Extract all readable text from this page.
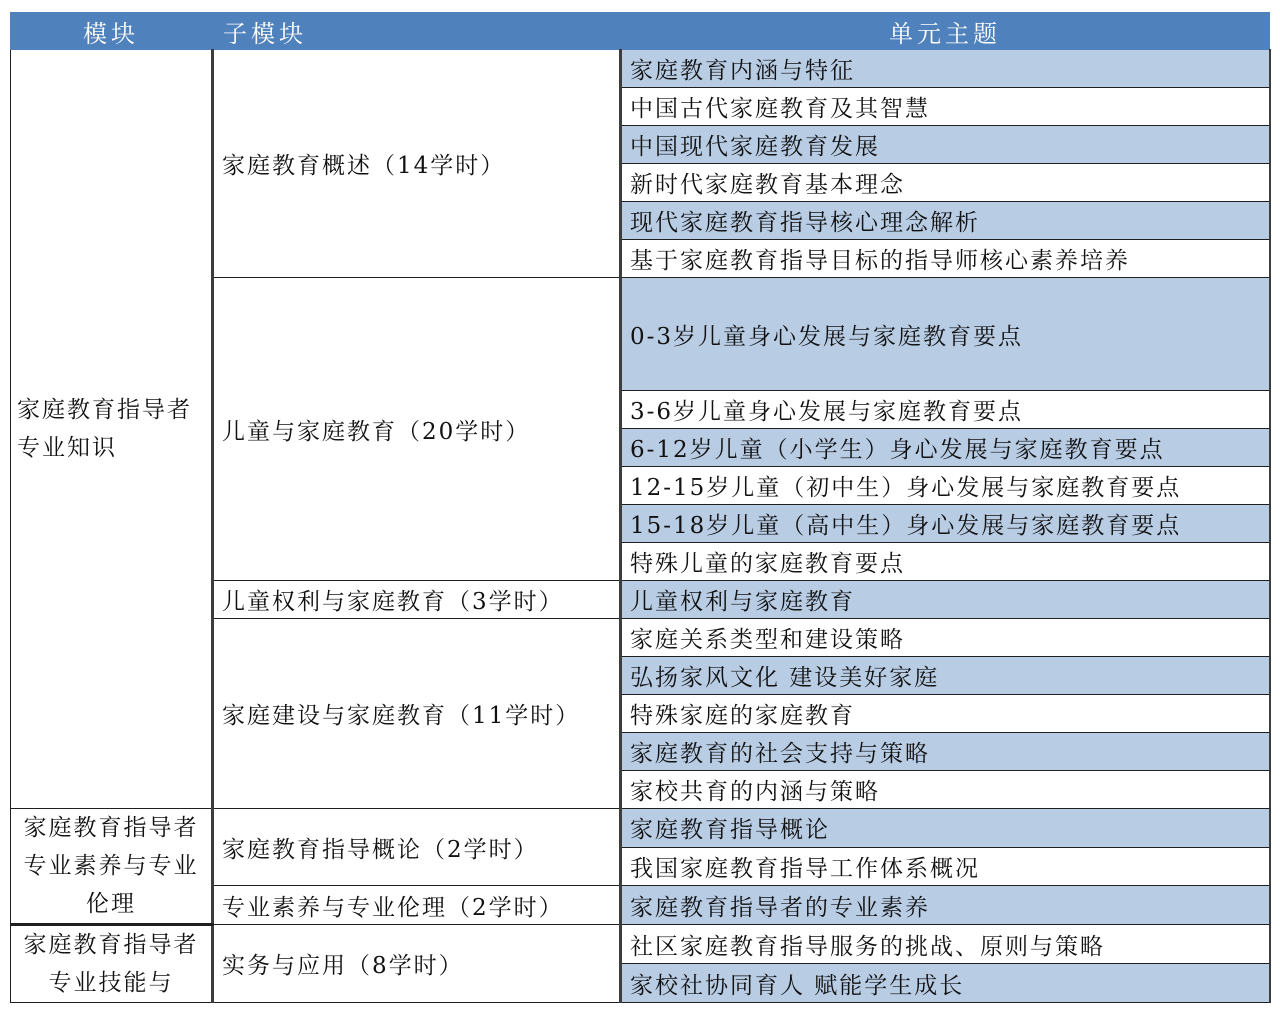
模块	子模块	单元主题
家庭教育指导者专业知识	家庭教育概述（14学时）	家庭教育内涵与特征
		中国古代家庭教育及其智慧
		中国现代家庭教育发展
		新时代家庭教育基本理念
		现代家庭教育指导核心理念解析
		基于家庭教育指导目标的指导师核心素养培养
	儿童与家庭教育（20学时）	0-3岁儿童身心发展与家庭教育要点
		3-6岁儿童身心发展与家庭教育要点
		6-12岁儿童（小学生）身心发展与家庭教育要点
		12-15岁儿童（初中生）身心发展与家庭教育要点
		15-18岁儿童（高中生）身心发展与家庭教育要点
		特殊儿童的家庭教育要点
	儿童权利与家庭教育（3学时）	儿童权利与家庭教育
	家庭建设与家庭教育（11学时）	家庭关系类型和建设策略
		弘扬家风文化 建设美好家庭
		特殊家庭的家庭教育
		家庭教育的社会支持与策略
		家校共育的内涵与策略
家庭教育指导者专业素养与专业伦理	家庭教育指导概论（2学时）	家庭教育指导概论
		我国家庭教育指导工作体系概况
	专业素养与专业伦理（2学时）	家庭教育指导者的专业素养
家庭教育指导者专业技能与	实务与应用（8学时）	社区家庭教育指导服务的挑战、原则与策略
		家校社协同育人 赋能学生成长
